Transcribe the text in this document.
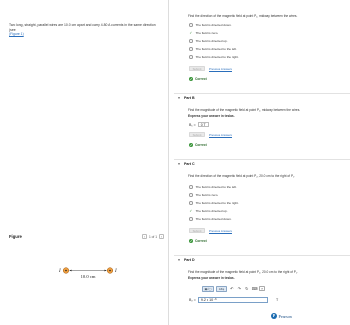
Two long, straight, parallel wires are 10.0 cm apart and carry 4.80 A currents in the same direction (see
(Figure 1)
Figure	‹	1 of 1	›
I	I
10.0 cm
Find the direction of the magnetic field at point P₁, midway between the wires.
The field is directed down.
✓ The field is zero.
The field is directed up.
The field is directed to the left.
The field is directed to the right.
Submit	Previous Answers
✓ Correct
▾	Part B
Find the magnitude of the magnetic field at point P₁, midway between the wires.
Express your answer in teslas.
B₁ =	0 T
Submit	Previous Answers
✓ Correct
▾	Part C
Find the direction of the magnetic field at point P₂, 20.0 cm to the right of P₁.
The field is directed to the left.
The field is zero.
The field is directed to the right.
✓ The field is directed up.
The field is directed down.
Submit	Previous Answers
✓ Correct
▾	Part D
Find the magnitude of the magnetic field at point P₂, 20.0 cm to the right of P₁.
Express your answer in teslas.
▣√▢	ΑΣφ	↶ ↷ ↻ ⌨	?
B₂ = 9.2 • $10^{-6}$	T
P Pearson
